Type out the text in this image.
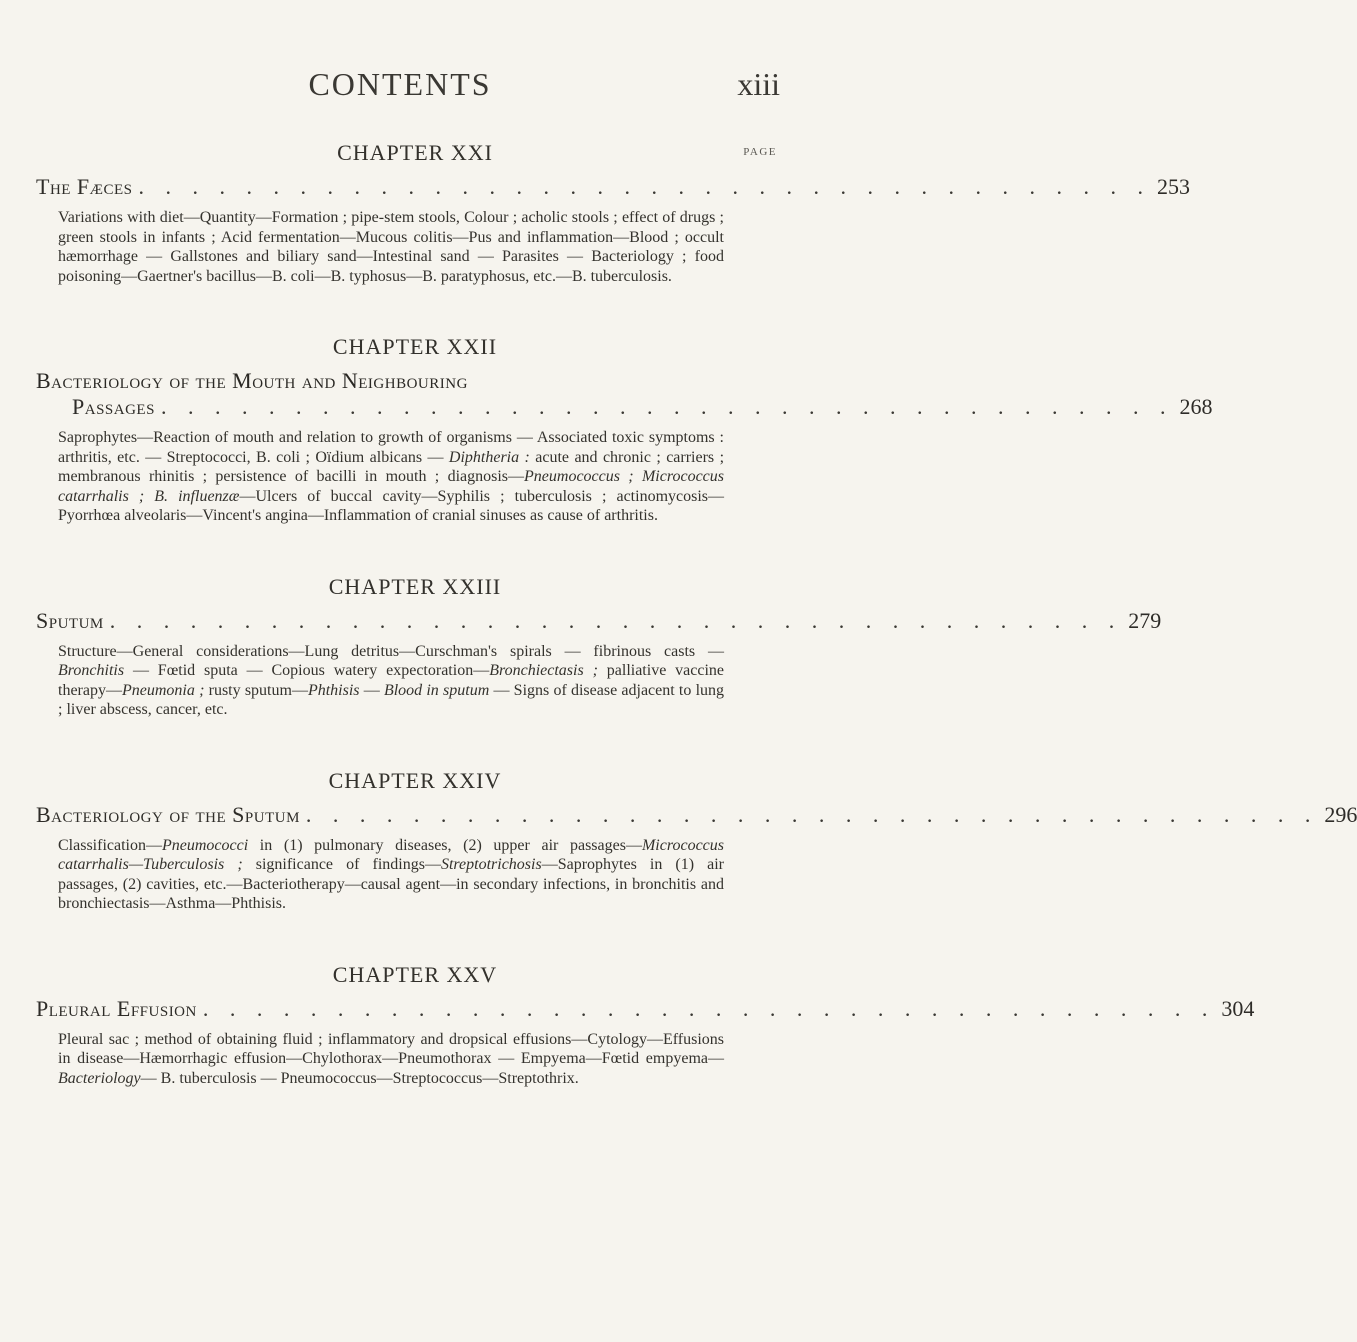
CONTENTS	xiii
PAGE
CHAPTER XXI
The Fæces . . . . . . . . . . . . . . . . . . . . . . . . . . . . . . . . . . . . . . 253
Variations with diet—Quantity—Formation ; pipe-stem stools, Colour ; acholic stools ; effect of drugs ; green stools in infants ; Acid fermentation—Mucous colitis—Pus and inflammation—Blood ; occult hæmorrhage — Gallstones and biliary sand—Intestinal sand — Parasites — Bacteriology ; food poisoning—Gaertner's bacillus—B. coli—B. typhosus—B. paratyphosus, etc.—B. tuberculosis.
CHAPTER XXII
Bacteriology of the Mouth and Neighbouring
Passages . . . . . . . . . . . . . . . . . . . . . . . . . . . . . . . . . . . . . . 268
Saprophytes—Reaction of mouth and relation to growth of organisms — Associated toxic symptoms : arthritis, etc. — Streptococci, B. coli ; Oïdium albicans — Diphtheria : acute and chronic ; carriers ; membranous rhinitis ; persistence of bacilli in mouth ; diagnosis—Pneumococcus ; Micrococcus catarrhalis ; B. influenzæ—Ulcers of buccal cavity—Syphilis ; tuberculosis ; actinomycosis—Pyorrhœa alveolaris—Vincent's angina—Inflammation of cranial sinuses as cause of arthritis.
CHAPTER XXIII
Sputum . . . . . . . . . . . . . . . . . . . . . . . . . . . . . . . . . . . . . . 279
Structure—General considerations—Lung detritus—Curschman's spirals — fibrinous casts — Bronchitis — Fœtid sputa — Copious watery expectoration—Bronchiectasis ; palliative vaccine therapy—Pneumonia ; rusty sputum—Phthisis — Blood in sputum — Signs of disease adjacent to lung ; liver abscess, cancer, etc.
CHAPTER XXIV
Bacteriology of the Sputum . . . . . . . . . . . . . . . . . . . . . . . . . . . . . . . . . . . . . . 296
Classification—Pneumococci in (1) pulmonary diseases, (2) upper air passages—Micrococcus catarrhalis—Tuberculosis ; significance of findings—Streptotrichosis—Saprophytes in (1) air passages, (2) cavities, etc.—Bacteriotherapy—causal agent—in secondary infections, in bronchitis and bronchiectasis—Asthma—Phthisis.
CHAPTER XXV
Pleural Effusion . . . . . . . . . . . . . . . . . . . . . . . . . . . . . . . . . . . . . . 304
Pleural sac ; method of obtaining fluid ; inflammatory and dropsical effusions—Cytology—Effusions in disease—Hæmorrhagic effusion—Chylothorax—Pneumothorax — Empyema—Fœtid empyema—Bacteriology— B. tuberculosis — Pneumococcus—Streptococcus—Streptothrix.
